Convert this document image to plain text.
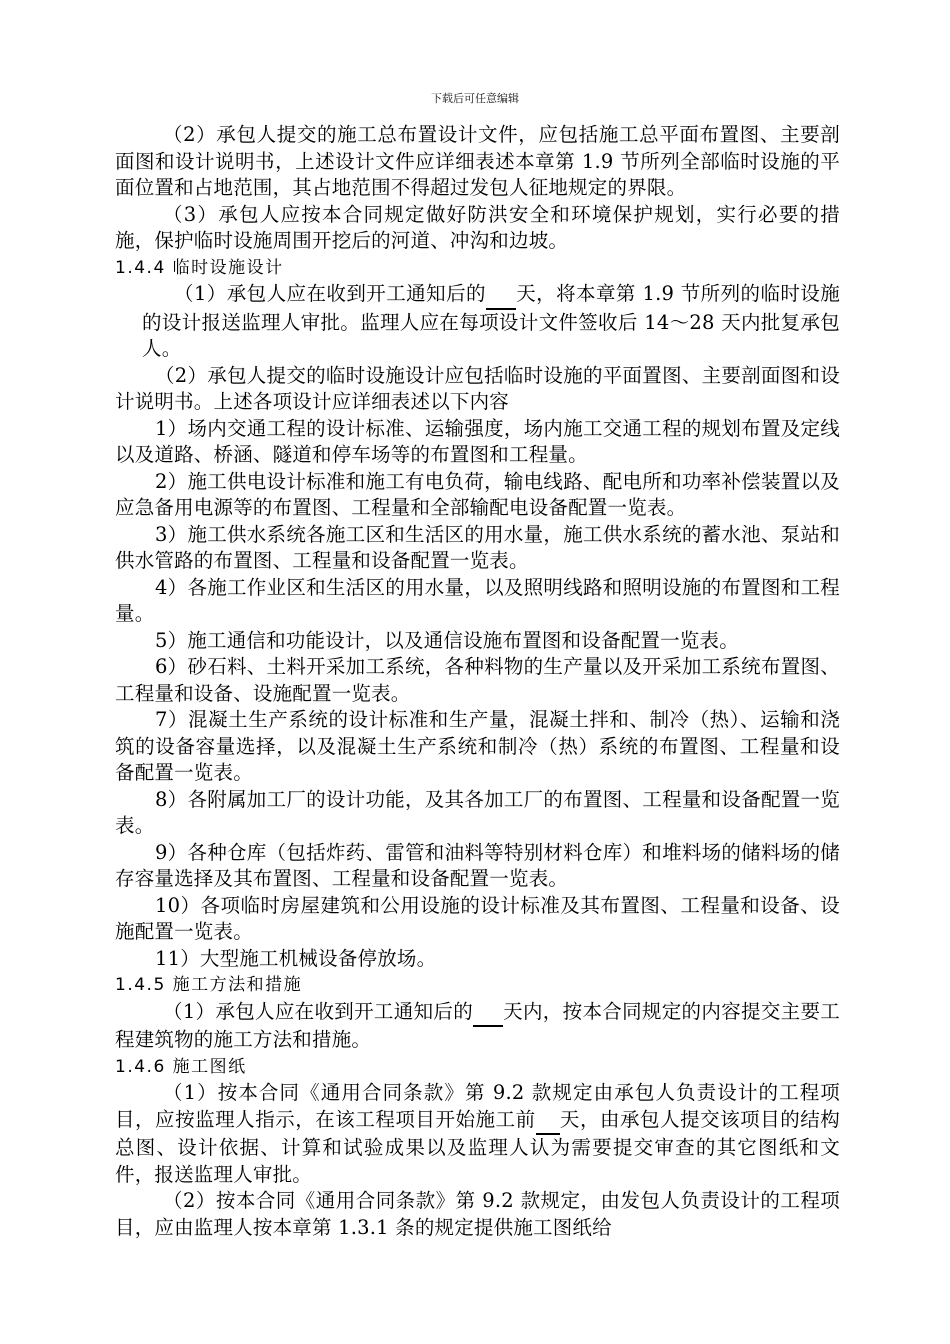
下载后可任意编辑

（2）承包人提交的施工总布置设计文件，应包括施工总平面布置图、主要剖面图和设计说明书，上述设计文件应详细表述本章第 1.9 节所列全部临时设施的平面位置和占地范围，其占地范围不得超过发包人征地规定的界限。

（3）承包人应按本合同规定做好防洪安全和环境保护规划，实行必要的措施，保护临时设施周围开挖后的河道、冲沟和边坡。

1.4.4 临时设施设计

（1）承包人应在收到开工通知后的 天，将本章第 1.9 节所列的临时设施的设计报送监理人审批。监理人应在每项设计文件签收后 14～28 天内批复承包人。

（2）承包人提交的临时设施设计应包括临时设施的平面置图、主要剖面图和设计说明书。上述各项设计应详细表述以下内容

1）场内交通工程的设计标准、运输强度，场内施工交通工程的规划布置及定线以及道路、桥涵、隧道和停车场等的布置图和工程量。

2）施工供电设计标准和施工有电负荷，输电线路、配电所和功率补偿装置以及应急备用电源等的布置图、工程量和全部输配电设备配置一览表。

3）施工供水系统各施工区和生活区的用水量，施工供水系统的蓄水池、泵站和供水管路的布置图、工程量和设备配置一览表。

4）各施工作业区和生活区的用水量，以及照明线路和照明设施的布置图和工程量。

5）施工通信和功能设计，以及通信设施布置图和设备配置一览表。

6）砂石料、土料开采加工系统，各种料物的生产量以及开采加工系统布置图、工程量和设备、设施配置一览表。

7）混凝土生产系统的设计标准和生产量，混凝土拌和、制冷（热）、运输和浇筑的设备容量选择，以及混凝土生产系统和制冷（热）系统的布置图、工程量和设备配置一览表。

8）各附属加工厂的设计功能，及其各加工厂的布置图、工程量和设备配置一览表。

9）各种仓库（包括炸药、雷管和油料等特别材料仓库）和堆料场的储料场的储存容量选择及其布置图、工程量和设备配置一览表。

10）各项临时房屋建筑和公用设施的设计标准及其布置图、工程量和设备、设施配置一览表。

11）大型施工机械设备停放场。

1.4.5 施工方法和措施

（1）承包人应在收到开工通知后的 天内，按本合同规定的内容提交主要工程建筑物的施工方法和措施。

1.4.6 施工图纸

（1）按本合同《通用合同条款》第 9.2 款规定由承包人负责设计的工程项目，应按监理人指示，在该工程项目开始施工前 天，由承包人提交该项目的结构总图、设计依据、计算和试验成果以及监理人认为需要提交审查的其它图纸和文件，报送监理人审批。

（2）按本合同《通用合同条款》第 9.2 款规定，由发包人负责设计的工程项目，应由监理人按本章第 1.3.1 条的规定提供施工图纸给
